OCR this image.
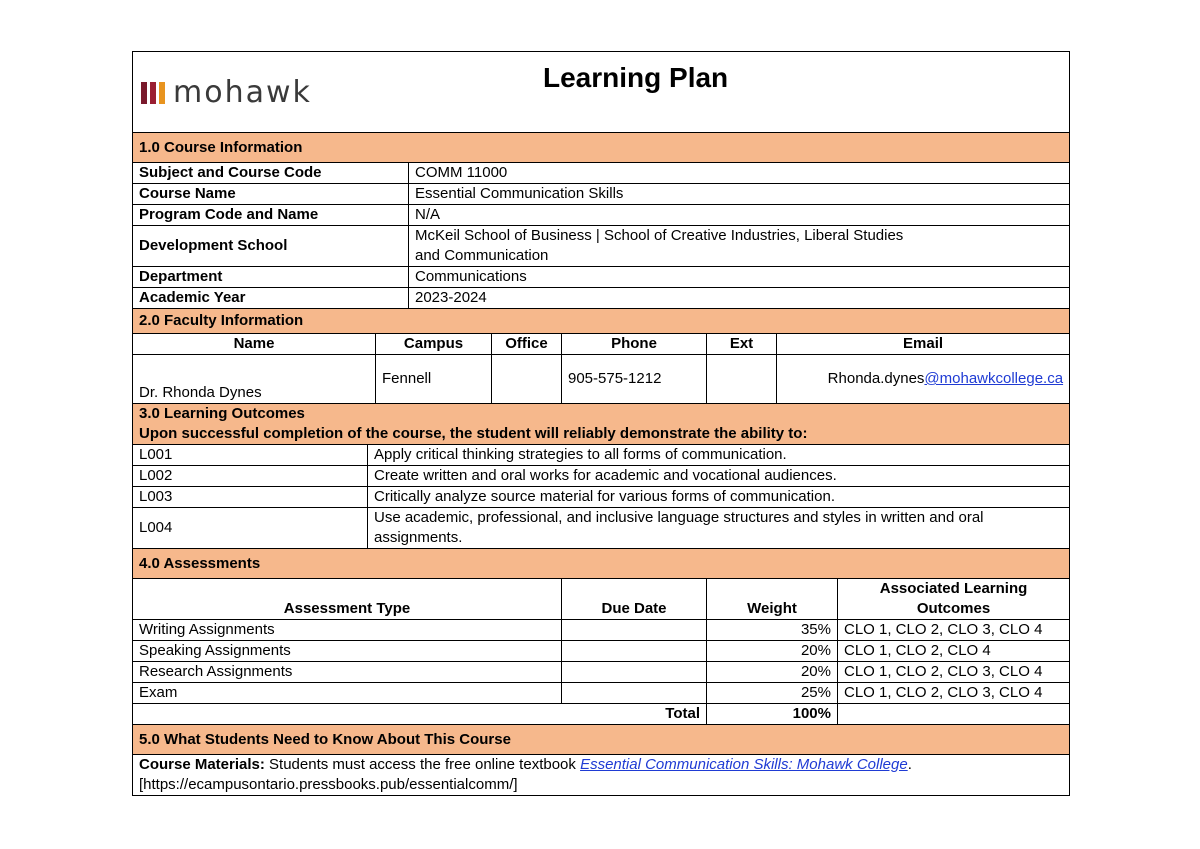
mohawk Learning Plan								

1.0 Course Information								
Subject and Course Code			COMM 11000					
Course Name			Essential Communication Skills					
Program Code and Name			N/A					
Development School			McKeil School of Business | School of Creative Industries, Liberal Studies
and Communication					

Department			Communications					
Academic Year			2023-2024					
2.0 Faculty Information								
Name		Campus		Office	Phone	Ext	Email	
Dr. Rhonda Dynes		Fennell			905-575-1212		Rhonda.dynes@mohawkcollege.ca	

3.0 Learning Outcomes
Upon successful completion of the course, the student will reliably demonstrate the ability to:								

L001	Apply critical thinking strategies to all forms of communication.							
L002	Create written and oral works for academic and vocational audiences.							
L003	Critically analyze source material for various forms of communication.							
L004	Use academic, professional, and inclusive language structures and styles in written and oral
assignments.							

4.0 Assessments								
Assessment Type					Due Date	Weight		Associated Learning
Outcomes

Writing Assignments						35%		CLO 1, CLO 2, CLO 3, CLO 4
Speaking Assignments						20%		CLO 1, CLO 2, CLO 4
Research Assignments						20%		CLO 1, CLO 2, CLO 3, CLO 4
Exam						25%		CLO 1, CLO 2, CLO 3, CLO 4
Total						100%		
5.0 What Students Need to Know About This Course								

Course Materials: Students must access the free online textbook Essential Communication Skills: Mohawk College.
[https://ecampusontario.pressbooks.pub/essentialcomm/]								
